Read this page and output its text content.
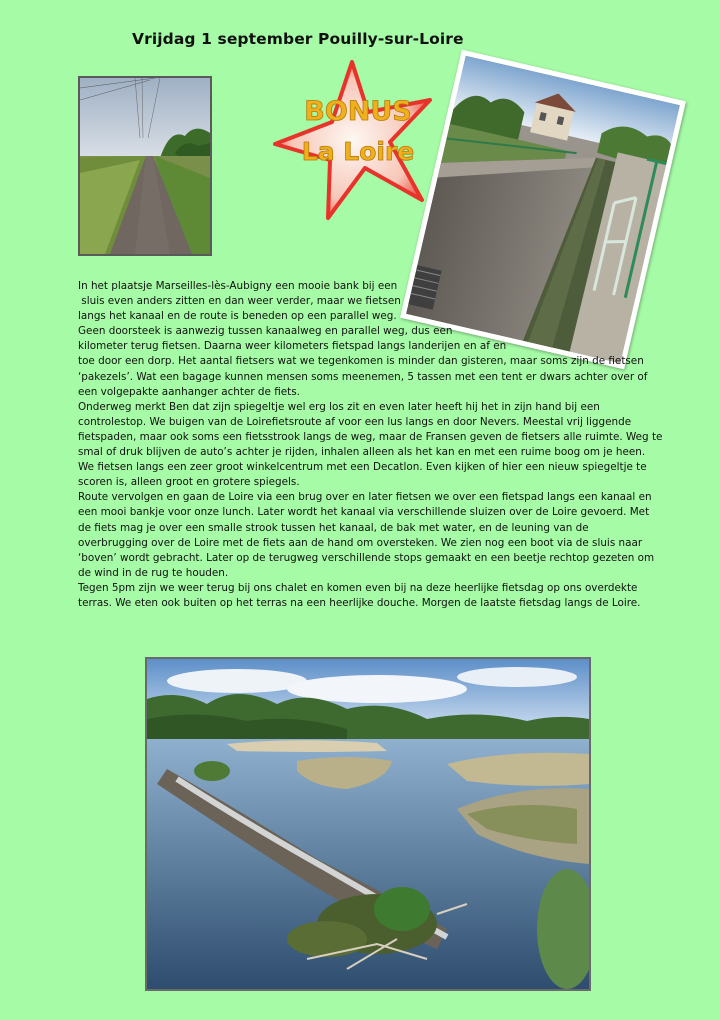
Vrijdag 1 september Pouilly-sur-Loire
BONUS
La Loire

In het plaatsje Marseilles-lès-Aubigny een mooie bank bij een

sluis even anders zitten en dan weer verder, maar we fietsen

langs het kanaal en de route is beneden op een parallel weg.

Geen doorsteek is aanwezig tussen kanaalweg en parallel weg, dus een

kilometer terug fietsen. Daarna weer kilometers fietspad langs landerijen en af en

toe door een dorp. Het aantal fietsers wat we tegenkomen is minder dan gisteren, maar soms zijn de fietsen

‘pakezels’. Wat een bagage kunnen mensen soms meenemen, 5 tassen met een tent er dwars achter over of

een volgepakte aanhanger achter de fiets.

Onderweg merkt Ben dat zijn spiegeltje wel erg los zit en even later heeft hij het in zijn hand bij een

controlestop. We buigen van de Loirefietsroute af voor een lus langs en door Nevers. Meestal vrij liggende

fietspaden, maar ook soms een fietsstrook langs de weg, maar de Fransen geven de fietsers alle ruimte. Weg te

smal of druk blijven de auto’s achter je rijden, inhalen alleen als het kan en met een ruime boog om je heen.

We fietsen langs een zeer groot winkelcentrum met een Decatlon. Even kijken of hier een nieuw spiegeltje te

scoren is, alleen groot en grotere spiegels.

Route vervolgen en gaan de Loire via een brug over en later fietsen we over een fietspad langs een kanaal en

een mooi bankje voor onze lunch. Later wordt het kanaal via verschillende sluizen over de Loire gevoerd. Met

de fiets mag je over een smalle strook tussen het kanaal, de bak met water, en de leuning van de

overbrugging over de Loire met de fiets aan de hand om oversteken. We zien nog een boot via de sluis naar

‘boven’ wordt gebracht. Later op de terugweg verschillende stops gemaakt en een beetje rechtop gezeten om

de wind in de rug te houden.

Tegen 5pm zijn we weer terug bij ons chalet en komen even bij na deze heerlijke fietsdag op ons overdekte

terras. We eten ook buiten op het terras na een heerlijke douche. Morgen de laatste fietsdag langs de Loire.
